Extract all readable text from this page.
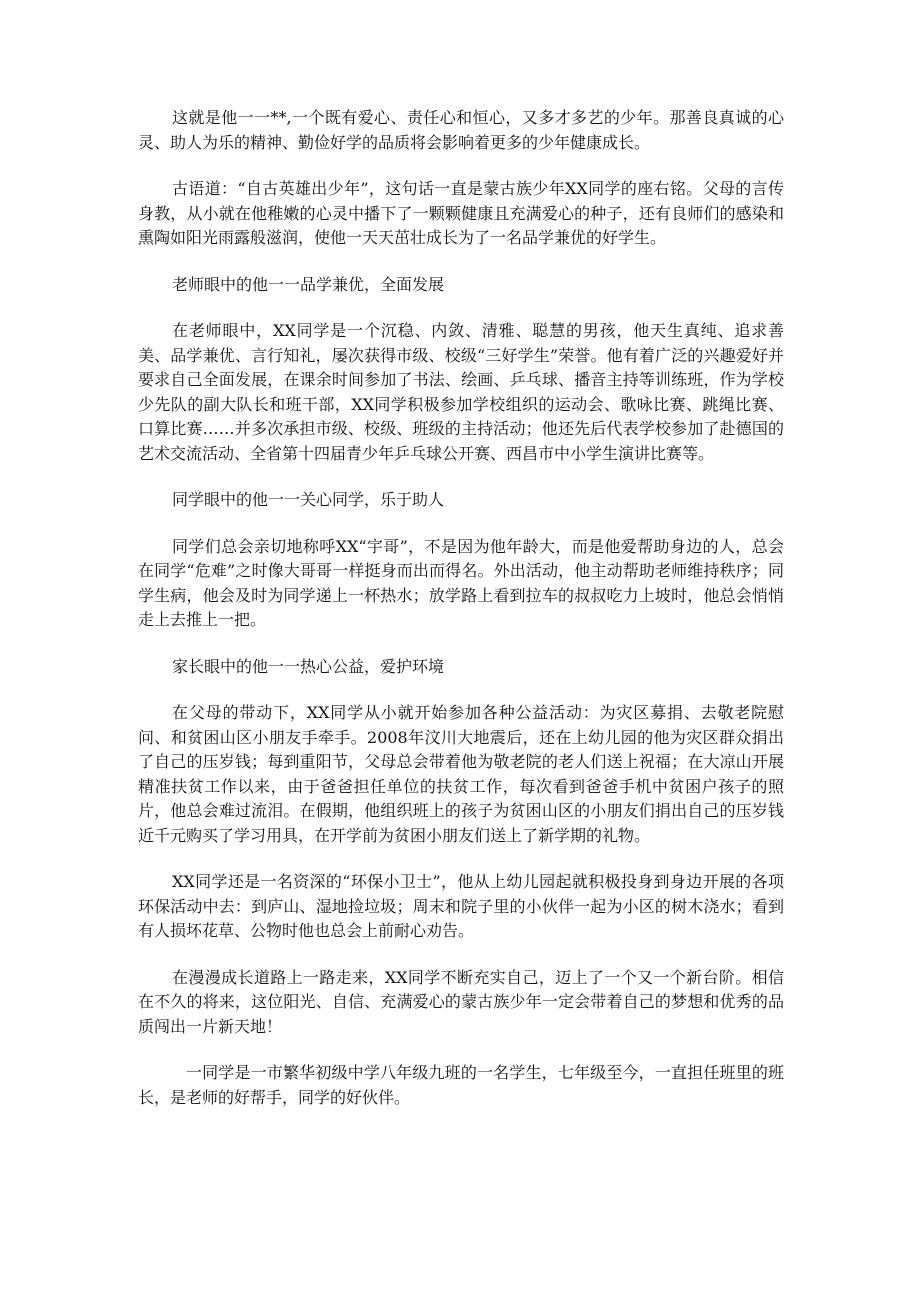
这就是他一一**,一个既有爱心、责任心和恒心，又多才多艺的少年。那善良真诚的心灵、助人为乐的精神、勤俭好学的品质将会影响着更多的少年健康成长。

古语道：“自古英雄出少年”，这句话一直是蒙古族少年XX同学的座右铭。父母的言传身教，从小就在他稚嫩的心灵中播下了一颗颗健康且充满爱心的种子，还有良师们的感染和熏陶如阳光雨露般滋润，使他一天天茁壮成长为了一名品学兼优的好学生。

老师眼中的他一一品学兼优，全面发展

在老师眼中，XX同学是一个沉稳、内敛、清雅、聪慧的男孩，他天生真纯、追求善美、品学兼优、言行知礼，屡次获得市级、校级“三好学生”荣誉。他有着广泛的兴趣爱好并要求自己全面发展，在课余时间参加了书法、绘画、乒乓球、播音主持等训练班，作为学校少先队的副大队长和班干部，XX同学积极参加学校组织的运动会、歌咏比赛、跳绳比赛、口算比赛……并多次承担市级、校级、班级的主持活动；他还先后代表学校参加了赴德国的艺术交流活动、全省第十四届青少年乒乓球公开赛、西昌市中小学生演讲比赛等。

同学眼中的他一一关心同学，乐于助人

同学们总会亲切地称呼XX“宇哥”，不是因为他年龄大，而是他爱帮助身边的人，总会在同学“危难”之时像大哥哥一样挺身而出而得名。外出活动，他主动帮助老师维持秩序；同学生病，他会及时为同学递上一杯热水；放学路上看到拉车的叔叔吃力上坡时，他总会悄悄走上去推上一把。

家长眼中的他一一热心公益，爱护环境

在父母的带动下，XX同学从小就开始参加各种公益活动：为灾区募捐、去敬老院慰问、和贫困山区小朋友手牵手。2008年汶川大地震后，还在上幼儿园的他为灾区群众捐出了自己的压岁钱；每到重阳节，父母总会带着他为敬老院的老人们送上祝福；在大凉山开展精准扶贫工作以来，由于爸爸担任单位的扶贫工作，每次看到爸爸手机中贫困户孩子的照片，他总会难过流泪。在假期，他组织班上的孩子为贫困山区的小朋友们捐出自己的压岁钱近千元购买了学习用具，在开学前为贫困小朋友们送上了新学期的礼物。

XX同学还是一名资深的“环保小卫士”，他从上幼儿园起就积极投身到身边开展的各项环保活动中去：到庐山、湿地捡垃圾；周末和院子里的小伙伴一起为小区的树木浇水；看到有人损坏花草、公物时他也总会上前耐心劝告。

在漫漫成长道路上一路走来，XX同学不断充实自己，迈上了一个又一个新台阶。相信在不久的将来，这位阳光、自信、充满爱心的蒙古族少年一定会带着自己的梦想和优秀的品质闯出一片新天地！

一同学是一市繁华初级中学八年级九班的一名学生，七年级至今，一直担任班里的班长，是老师的好帮手，同学的好伙伴。
